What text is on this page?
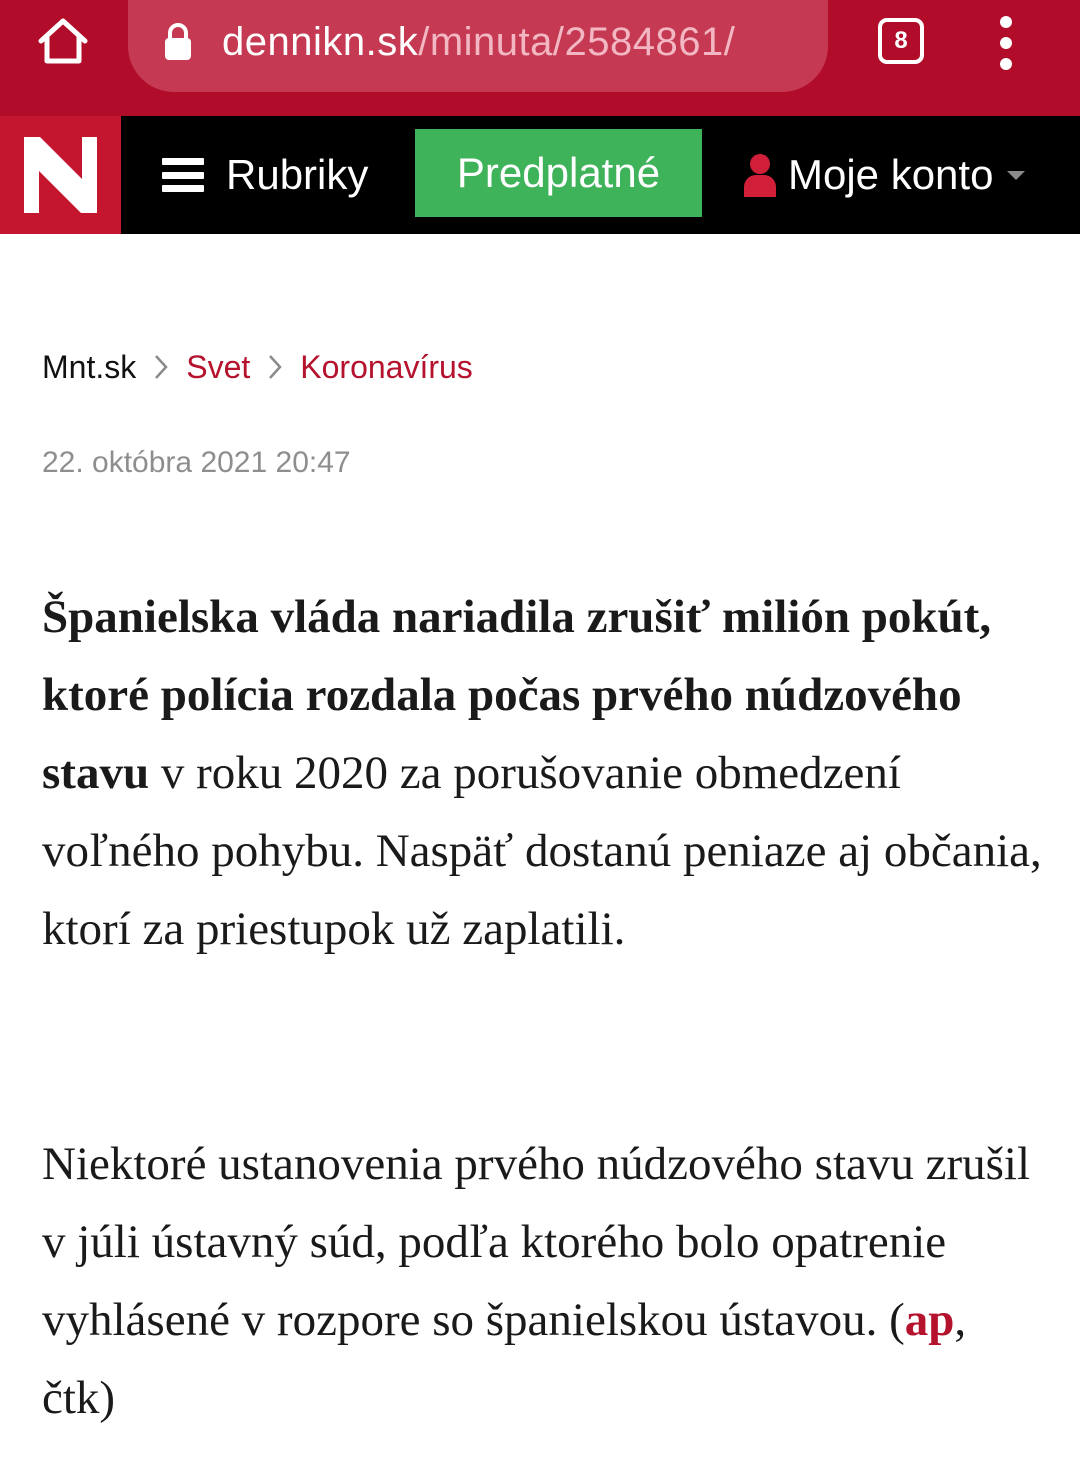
dennikn.sk/minuta/2584861/	8
Rubriky	Predplatné	Moje konto
Mnt.sk Svet Koronavírus
22. októbra 2021 20:47

Španielska vláda nariadila zrušiť milión pokút, ktoré polícia rozdala počas prvého núdzového stavu v roku 2020 za porušovanie obmedzení voľného pohybu. Naspäť dostanú peniaze aj občania, ktorí za priestupok už zaplatili.

Niektoré ustanovenia prvého núdzového stavu zrušil v júli ústavný súd, podľa ktorého bolo opatrenie vyhlásené v rozpore so španielskou ústavou. (ap, čtk)
